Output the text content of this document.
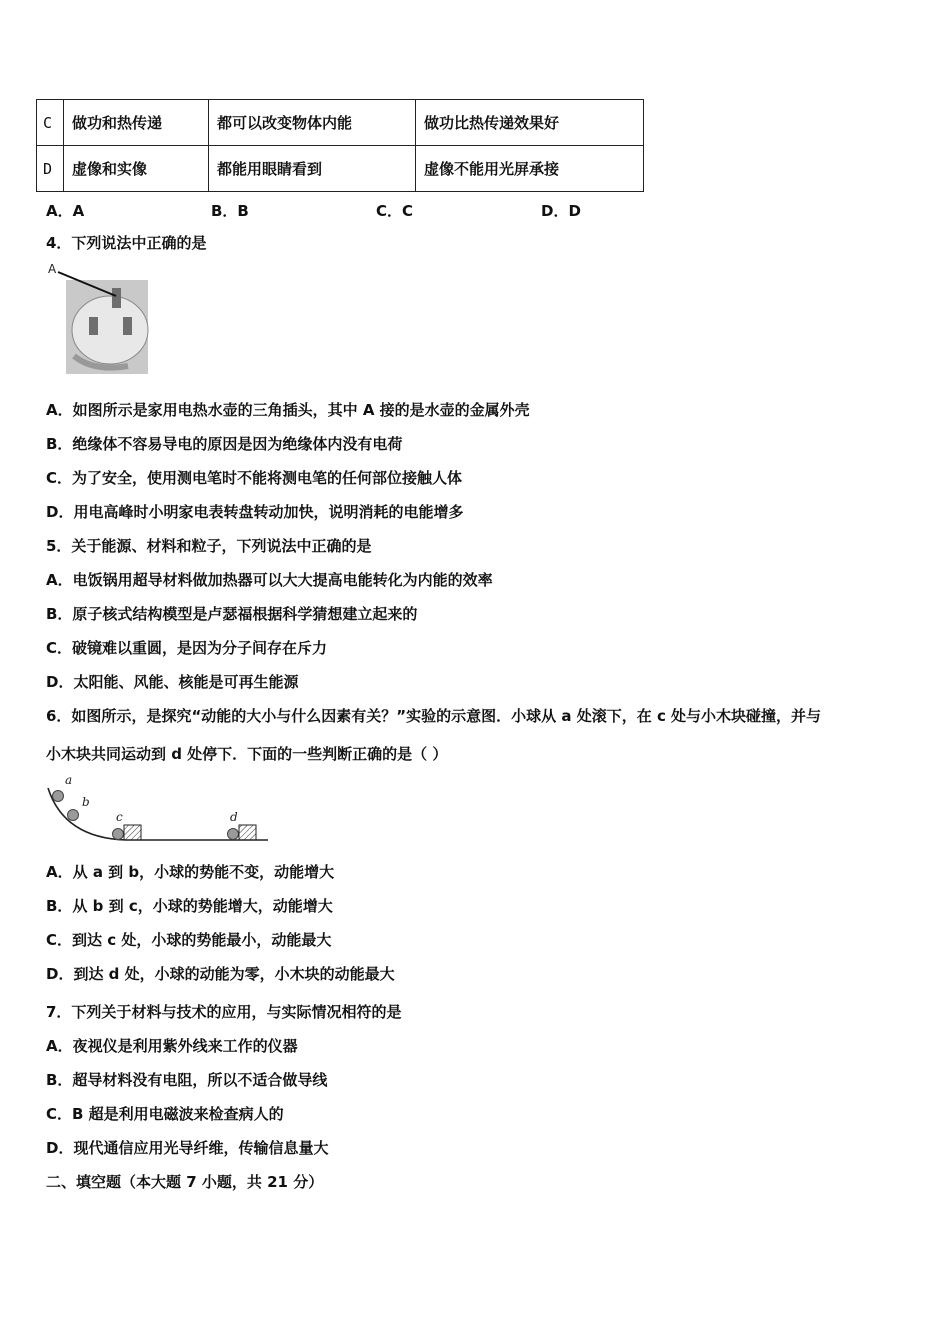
C	做功和热传递	都可以改变物体内能	做功比热传递效果好
D	虚像和实像	都能用眼睛看到	虚像不能用光屏承接
A．A	B．B	C．C	D．D
4．下列说法中正确的是
A
A．如图所示是家用电热水壶的三角插头，其中 A 接的是水壶的金属外壳
B．绝缘体不容易导电的原因是因为绝缘体内没有电荷
C．为了安全，使用测电笔时不能将测电笔的任何部位接触人体
D．用电高峰时小明家电表转盘转动加快，说明消耗的电能增多
5．关于能源、材料和粒子，下列说法中正确的是
A．电饭锅用超导材料做加热器可以大大提高电能转化为内能的效率
B．原子核式结构模型是卢瑟福根据科学猜想建立起来的
C．破镜难以重圆，是因为分子间存在斥力
D．太阳能、风能、核能是可再生能源
6．如图所示，是探究“动能的大小与什么因素有关？”实验的示意图．小球从 a 处滚下，在 c 处与小木块碰撞，并与
小木块共同运动到 d 处停下．下面的一些判断正确的是（ ）
a
b
c	d
A．从 a 到 b，小球的势能不变，动能增大
B．从 b 到 c，小球的势能增大，动能增大
C．到达 c 处，小球的势能最小，动能最大
D．到达 d 处，小球的动能为零，小木块的动能最大
7．下列关于材料与技术的应用，与实际情况相符的是
A．夜视仪是利用紫外线来工作的仪器
B．超导材料没有电阻，所以不适合做导线
C．B 超是利用电磁波来检查病人的
D．现代通信应用光导纤维，传输信息量大
二、填空题（本大题 7 小题，共 21 分）
